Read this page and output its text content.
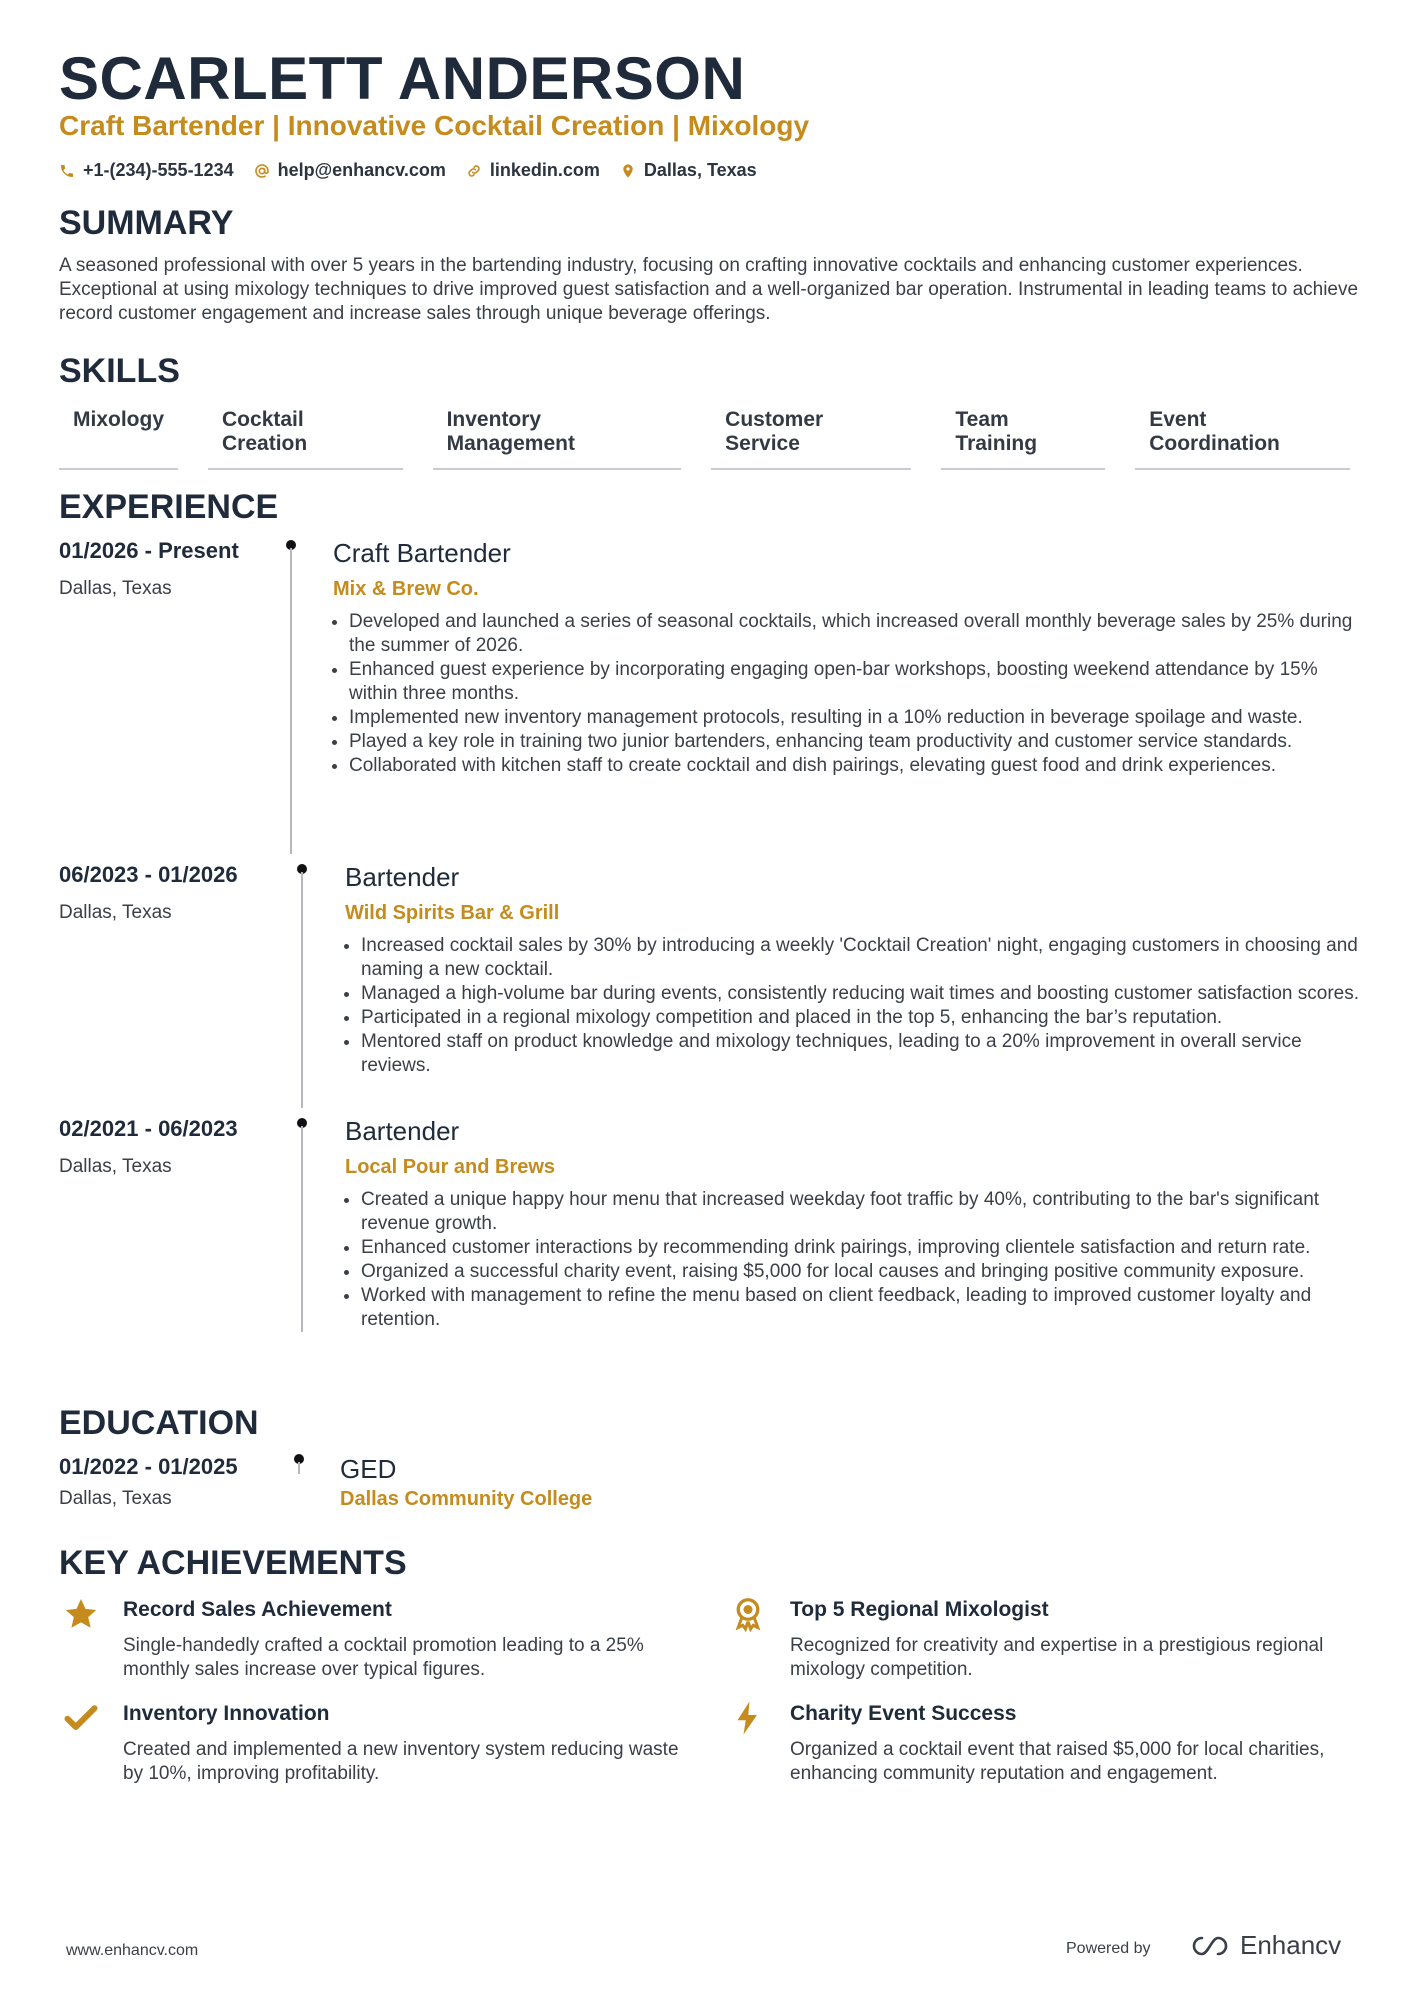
SCARLETT ANDERSON
Craft Bartender | Innovative Cocktail Creation | Mixology
+1-(234)-555-1234 help@enhancv.com linkedin.com Dallas, Texas
SUMMARY
A seasoned professional with over 5 years in the bartending industry, focusing on crafting innovative cocktails and enhancing customer experiences. Exceptional at using mixology techniques to drive improved guest satisfaction and a well-organized bar operation. Instrumental in leading teams to achieve record customer engagement and increase sales through unique beverage offerings.
SKILLS
Mixology	Cocktail Creation
Inventory Management
Customer Service
Team Training
Event Coordination
EXPERIENCE
01/2026 - Present
Dallas, Texas
Craft Bartender
Mix & Brew Co.
• Developed and launched a series of seasonal cocktails, which increased overall monthly beverage sales by 25% during the summer of 2026.
• Enhanced guest experience by incorporating engaging open-bar workshops, boosting weekend attendance by 15% within three months.
• Implemented new inventory management protocols, resulting in a 10% reduction in beverage spoilage and waste.
• Played a key role in training two junior bartenders, enhancing team productivity and customer service standards.
• Collaborated with kitchen staff to create cocktail and dish pairings, elevating guest food and drink experiences.
06/2023 - 01/2026
Dallas, Texas
Bartender
Wild Spirits Bar & Grill
• Increased cocktail sales by 30% by introducing a weekly 'Cocktail Creation' night, engaging customers in choosing and naming a new cocktail.
• Managed a high-volume bar during events, consistently reducing wait times and boosting customer satisfaction scores.
• Participated in a regional mixology competition and placed in the top 5, enhancing the bar’s reputation.
• Mentored staff on product knowledge and mixology techniques, leading to a 20% improvement in overall service reviews.
02/2021 - 06/2023
Dallas, Texas
Bartender
Local Pour and Brews
• Created a unique happy hour menu that increased weekday foot traffic by 40%, contributing to the bar's significant revenue growth.
• Enhanced customer interactions by recommending drink pairings, improving clientele satisfaction and return rate.
• Organized a successful charity event, raising $5,000 for local causes and bringing positive community exposure.
• Worked with management to refine the menu based on client feedback, leading to improved customer loyalty and retention.
EDUCATION
01/2022 - 01/2025
Dallas, Texas
GED
Dallas Community College
KEY ACHIEVEMENTS
Record Sales Achievement
Single-handedly crafted a cocktail promotion leading to a 25% monthly sales increase over typical figures.
Top 5 Regional Mixologist
Recognized for creativity and expertise in a prestigious regional mixology competition.
Inventory Innovation
Created and implemented a new inventory system reducing waste by 10%, improving profitability.
Charity Event Success
Organized a cocktail event that raised $5,000 for local charities, enhancing community reputation and engagement.
www.enhancv.com	Powered by	Enhancv
